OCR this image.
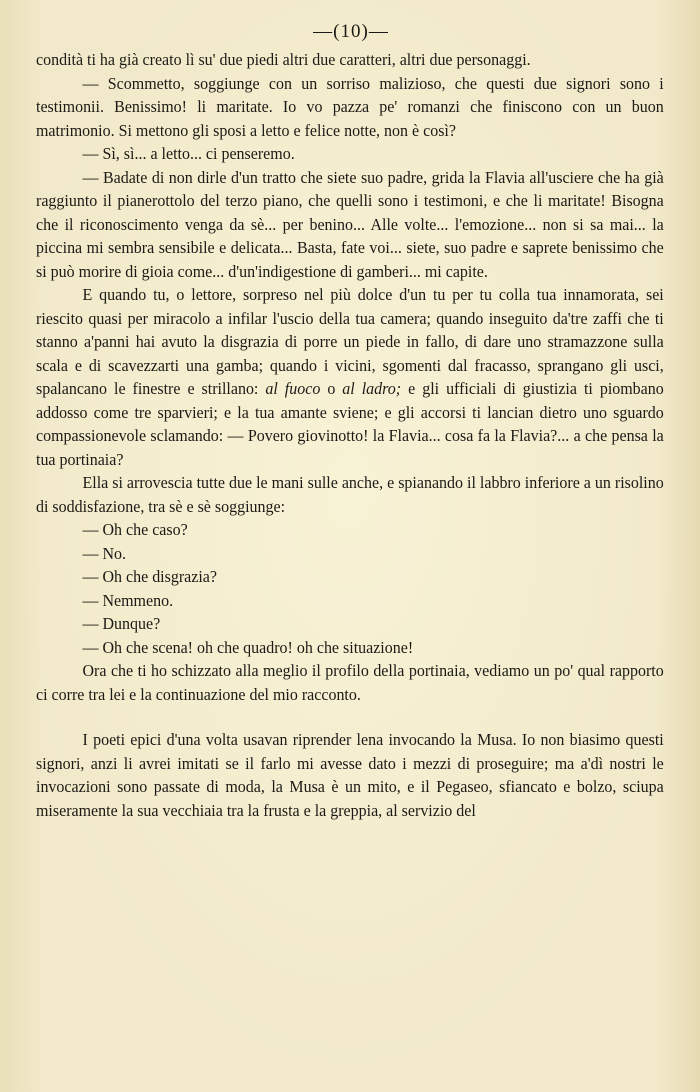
—(10)—

condità ti ha già creato lì su' due piedi altri due caratteri, altri due personaggi.

— Scommetto, soggiunge con un sorriso malizioso, che questi due signori sono i testimonii. Benissimo! li maritate. Io vo pazza pe' romanzi che finiscono con un buon matrimonio. Si mettono gli sposi a letto e felice notte, non è così?

— Sì, sì... a letto... ci penseremo.

— Badate di non dirle d'un tratto che siete suo padre, grida la Flavia all'usciere che ha già raggiunto il pianerottolo del terzo piano, che quelli sono i testimoni, e che li maritate! Bisogna che il riconoscimento venga da sè... per benino... Alle volte... l'emozione... non si sa mai... la piccina mi sembra sensibile e delicata... Basta, fate voi... siete, suo padre e saprete benissimo che si può morire di gioia come... d'un'indigestione di gamberi... mi capite.

E quando tu, o lettore, sorpreso nel più dolce d'un tu per tu colla tua innamorata, sei riescito quasi per miracolo a infilar l'uscio della tua camera; quando inseguito da'tre zaffi che ti stanno a'panni hai avuto la disgrazia di porre un piede in fallo, di dare uno stramazzone sulla scala e di scavezzarti una gamba; quando i vicini, sgomenti dal fracasso, sprangano gli usci, spalancano le finestre e strillano: al fuoco o al ladro; e gli ufficiali di giustizia ti piombano addosso come tre sparvieri; e la tua amante sviene; e gli accorsi ti lancian dietro uno sguardo compassionevole sclamando: — Povero giovinotto! la Flavia... cosa fa la Flavia?... a che pensa la tua portinaia?

Ella si arrovescia tutte due le mani sulle anche, e spianando il labbro inferiore a un risolino di soddisfazione, tra sè e sè soggiunge:

— Oh che caso?

— No.

— Oh che disgrazia?

— Nemmeno.

— Dunque?

— Oh che scena! oh che quadro! oh che situazione!

Ora che ti ho schizzato alla meglio il profilo della portinaia, vediamo un po' qual rapporto ci corre tra lei e la continuazione del mio racconto.

I poeti epici d'una volta usavan riprender lena invocando la Musa. Io non biasimo questi signori, anzi li avrei imitati se il farlo mi avesse dato i mezzi di proseguire; ma a'dì nostri le invocazioni sono passate di moda, la Musa è un mito, e il Pegaseo, sfiancato e bolzo, sciupa miseramente la sua vecchiaia tra la frusta e la greppia, al servizio del
